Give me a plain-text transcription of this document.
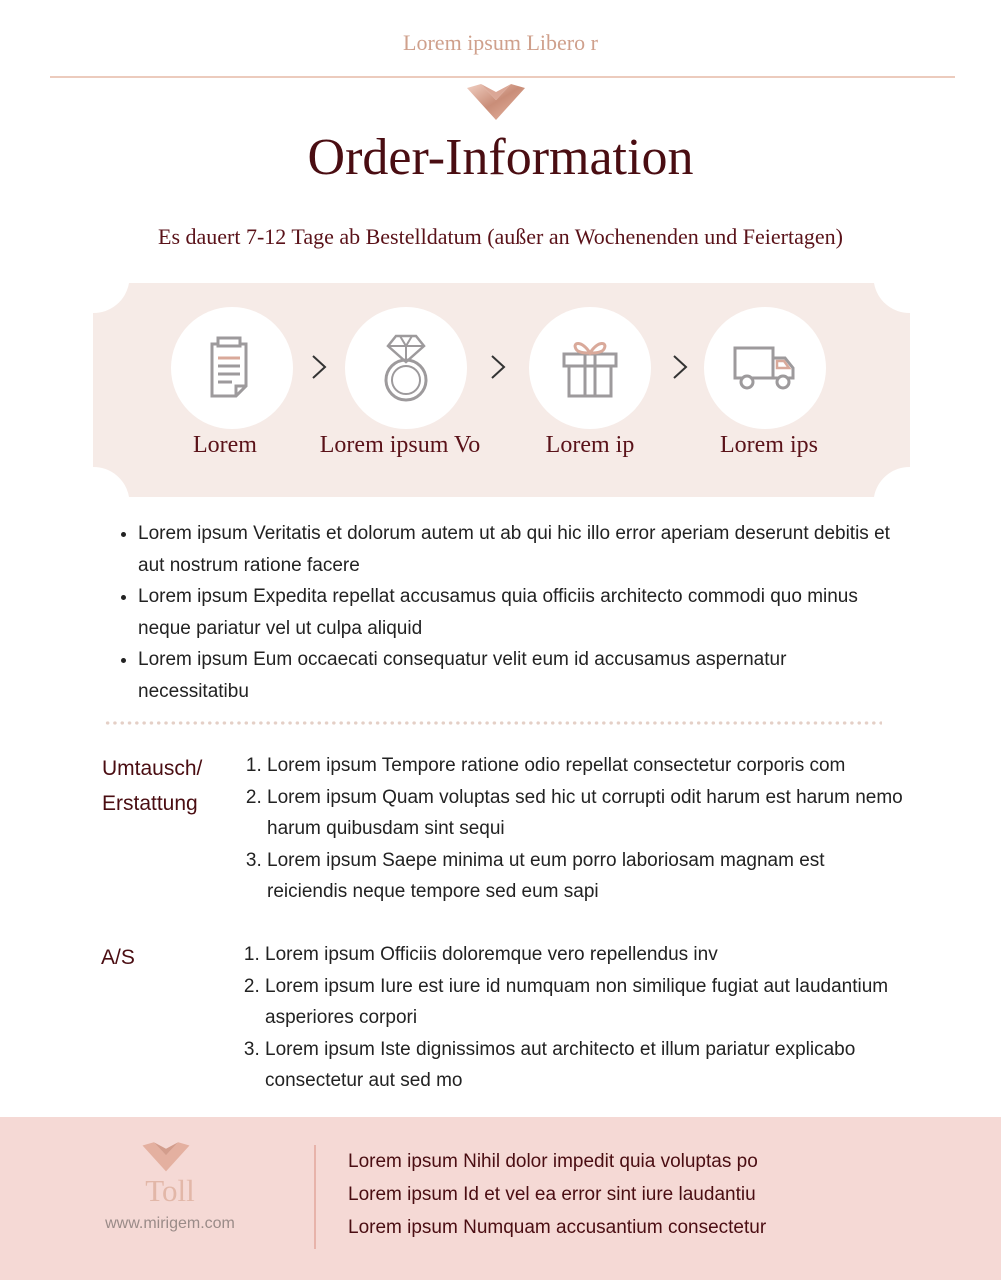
Lorem ipsum Libero r
Order-Information
Es dauert 7-12 Tage ab Bestelldatum (außer an Wochenenden und Feiertagen)
Lorem	Lorem ipsum Vo	Lorem ip	Lorem ips
• Lorem ipsum Veritatis et dolorum autem ut ab qui hic illo error aperiam deserunt debitis et aut nostrum ratione facere
• Lorem ipsum Expedita repellat accusamus quia officiis architecto commodi quo minus neque pariatur vel ut culpa aliquid
• Lorem ipsum Eum occaecati consequatur velit eum id accusamus aspernatur necessitatibu
Umtausch/
Erstattung
1. Lorem ipsum Tempore ratione odio repellat consectetur corporis com
2. Lorem ipsum Quam voluptas sed hic ut corrupti odit harum est harum nemo harum quibusdam sint sequi
3. Lorem ipsum Saepe minima ut eum porro laboriosam magnam est reiciendis neque tempore sed eum sapi
A/S
1.	Lorem ipsum Officiis doloremque vero repellendus inv
2. Lorem ipsum Iure est iure id numquam non similique fugiat aut laudantium asperiores corpori
3. Lorem ipsum Iste dignissimos aut architecto et illum pariatur explicabo consectetur aut sed mo
Toll
www.mirigem.com
Lorem ipsum Nihil dolor impedit quia voluptas po
Lorem ipsum Id et vel ea error sint iure laudantiu
Lorem ipsum Numquam accusantium consectetur
